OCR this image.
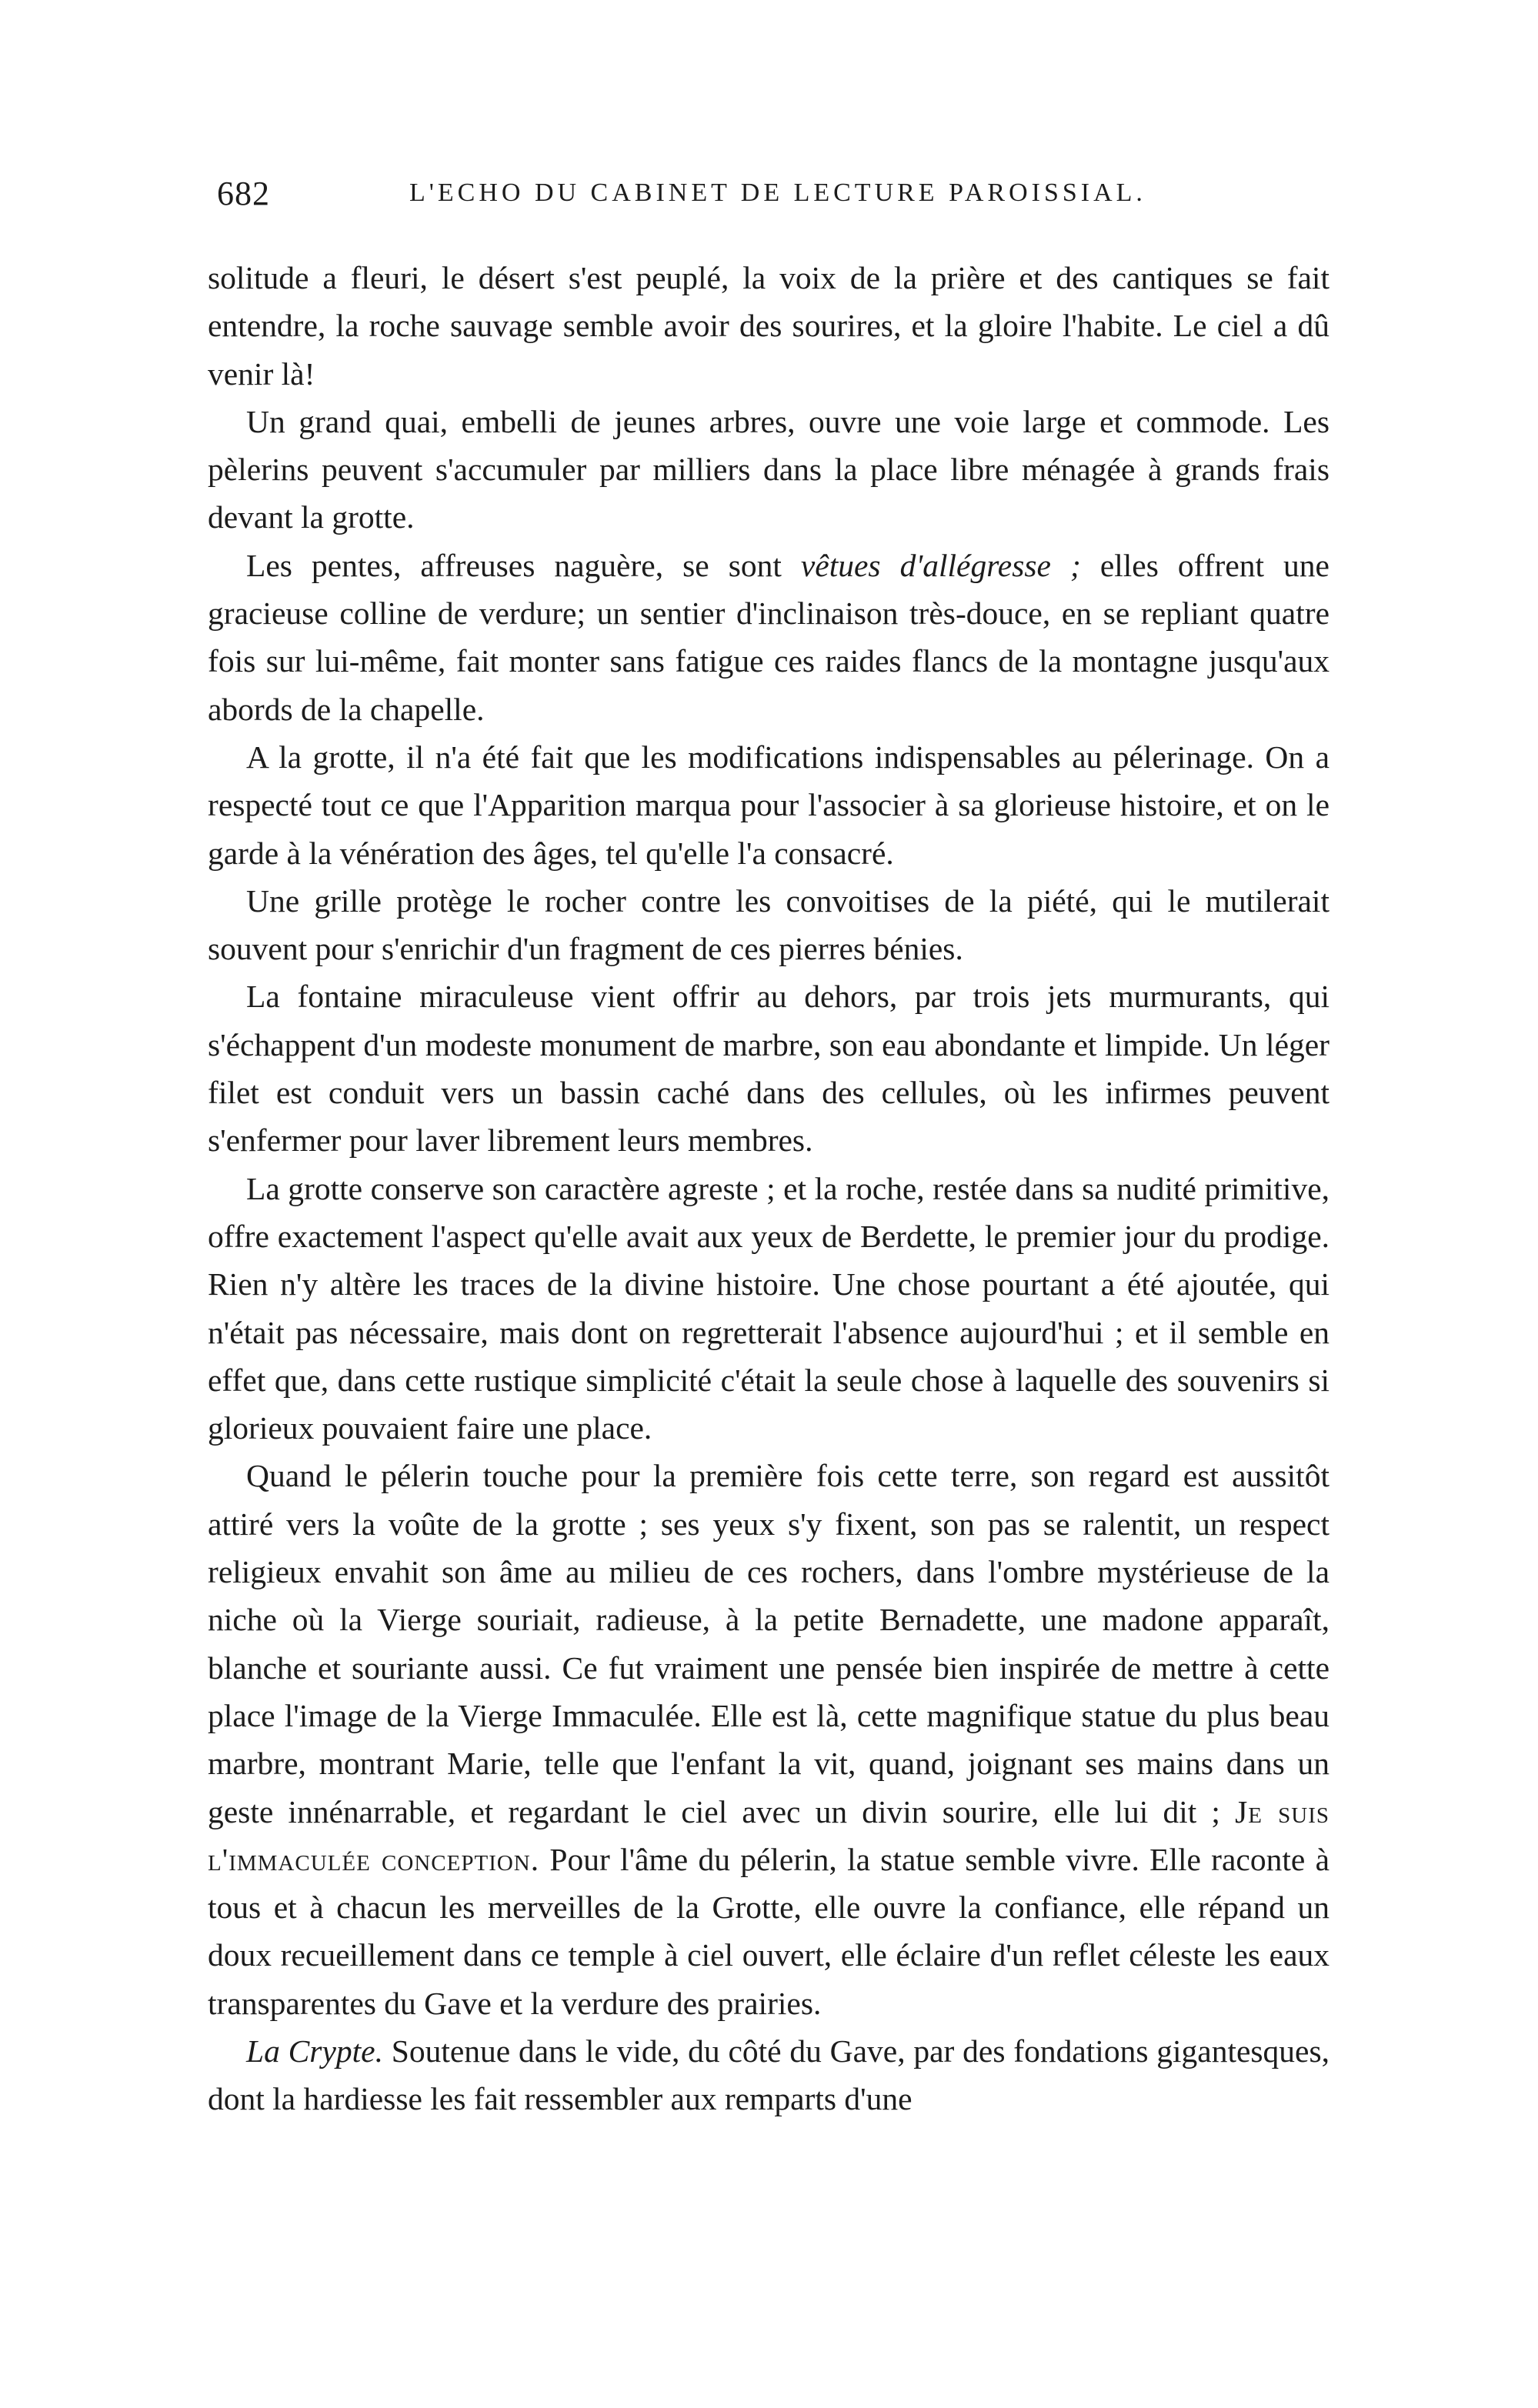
682	L'ECHO DU CABINET DE LECTURE PAROISSIAL.

solitude a fleuri, le désert s'est peuplé, la voix de la prière et des cantiques se fait entendre, la roche sauvage semble avoir des sourires, et la gloire l'habite. Le ciel a dû venir là!

Un grand quai, embelli de jeunes arbres, ouvre une voie large et commode. Les pèlerins peuvent s'accumuler par milliers dans la place libre ménagée à grands frais devant la grotte.

Les pentes, affreuses naguère, se sont vêtues d'allégresse ; elles offrent une gracieuse colline de verdure; un sentier d'inclinaison très-douce, en se repliant quatre fois sur lui-même, fait monter sans fatigue ces raides flancs de la montagne jusqu'aux abords de la chapelle.

A la grotte, il n'a été fait que les modifications indispensables au pélerinage. On a respecté tout ce que l'Apparition marqua pour l'associer à sa glorieuse histoire, et on le garde à la vénération des âges, tel qu'elle l'a consacré.

Une grille protège le rocher contre les convoitises de la piété, qui le mutilerait souvent pour s'enrichir d'un fragment de ces pierres bénies.

La fontaine miraculeuse vient offrir au dehors, par trois jets murmurants, qui s'échappent d'un modeste monument de marbre, son eau abondante et limpide. Un léger filet est conduit vers un bassin caché dans des cellules, où les infirmes peuvent s'enfermer pour laver librement leurs membres.

La grotte conserve son caractère agreste ; et la roche, restée dans sa nudité primitive, offre exactement l'aspect qu'elle avait aux yeux de Berdette, le premier jour du prodige. Rien n'y altère les traces de la divine histoire. Une chose pourtant a été ajoutée, qui n'était pas nécessaire, mais dont on regretterait l'absence aujourd'hui ; et il semble en effet que, dans cette rustique simplicité c'était la seule chose à laquelle des souvenirs si glorieux pouvaient faire une place.

Quand le pélerin touche pour la première fois cette terre, son regard est aussitôt attiré vers la voûte de la grotte ; ses yeux s'y fixent, son pas se ralentit, un respect religieux envahit son âme au milieu de ces rochers, dans l'ombre mystérieuse de la niche où la Vierge souriait, radieuse, à la petite Bernadette, une madone apparaît, blanche et souriante aussi. Ce fut vraiment une pensée bien inspirée de mettre à cette place l'image de la Vierge Immaculée. Elle est là, cette magnifique statue du plus beau marbre, montrant Marie, telle que l'enfant la vit, quand, joignant ses mains dans un geste innénarrable, et regardant le ciel avec un divin sourire, elle lui dit ; Je suis l'immaculée conception. Pour l'âme du pélerin, la statue semble vivre. Elle raconte à tous et à chacun les merveilles de la Grotte, elle ouvre la confiance, elle répand un doux recueillement dans ce temple à ciel ouvert, elle éclaire d'un reflet céleste les eaux transparentes du Gave et la verdure des prairies.

La Crypte. Soutenue dans le vide, du côté du Gave, par des fondations gigantesques, dont la hardiesse les fait ressembler aux remparts d'une
